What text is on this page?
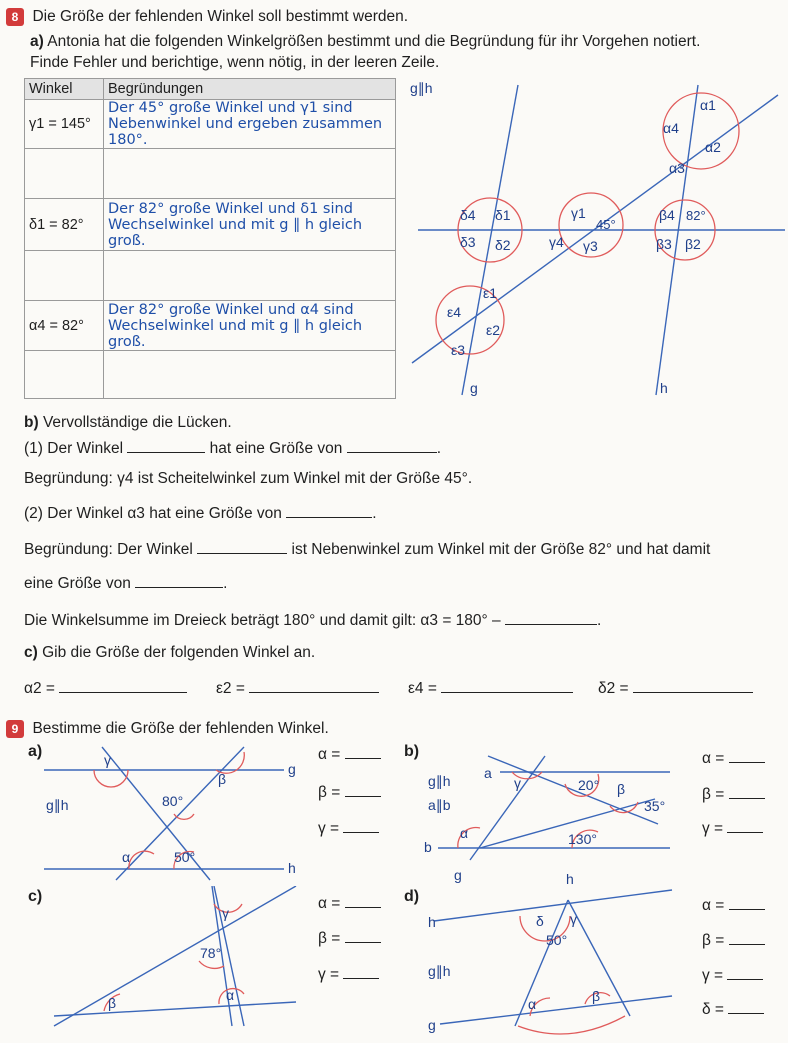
8 Die Größe der fehlenden Winkel soll bestimmt werden.
a) Antonia hat die folgenden Winkelgrößen bestimmt und die Begründung für ihr Vorgehen notiert.
Finde Fehler und berichtige, wenn nötig, in der leeren Zeile.
Winkel	Begründungen
γ1 = 145°	Der 45° große Winkel und γ1 sind Nebenwinkel und ergeben zusammen 180°.

δ1 = 82°	Der 82° große Winkel und δ1 sind Wechselwinkel und mit g ∥ h gleich groß.

α4 = 82°	Der 82° große Winkel und α4 sind Wechselwinkel und mit g ∥ h gleich groß.

g∥h
α1
α4
α2
α3
δ4 δ1
δ3 δ2
γ1
45°
γ4 γ3
β4 82°
β3 β2
ε1
ε4
ε2
ε3
g	h
b) Vervollständige die Lücken.
(1) Der Winkel	hat eine Größe von	.
Begründung: γ4 ist Scheitelwinkel zum Winkel mit der Größe 45°.
(2) Der Winkel α3 hat eine Größe von	.
Begründung: Der Winkel	ist Nebenwinkel zum Winkel mit der Größe 82° und hat damit
eine Größe von	.
Die Winkelsumme im Dreieck beträgt 180° und damit gilt: α3 = 180° –	.
c) Gib die Größe der folgenden Winkel an.
α2 =	ε2 =	ε4 =	δ2 =
9 Bestimme die Größe der fehlenden Winkel.
a)	γ
β
80°
α	50°
g
h
g∥h
α =
β =
γ =
b)
γ	20° β
35°
α	130°
a
b
g∥h
a∥b
g	h
α =
β =
γ =
c)
γ
78°
α
β
α =
β =
γ =
d)
δ γ
50°
α	β
h
g∥h
g
α =
β =
γ =
δ =
